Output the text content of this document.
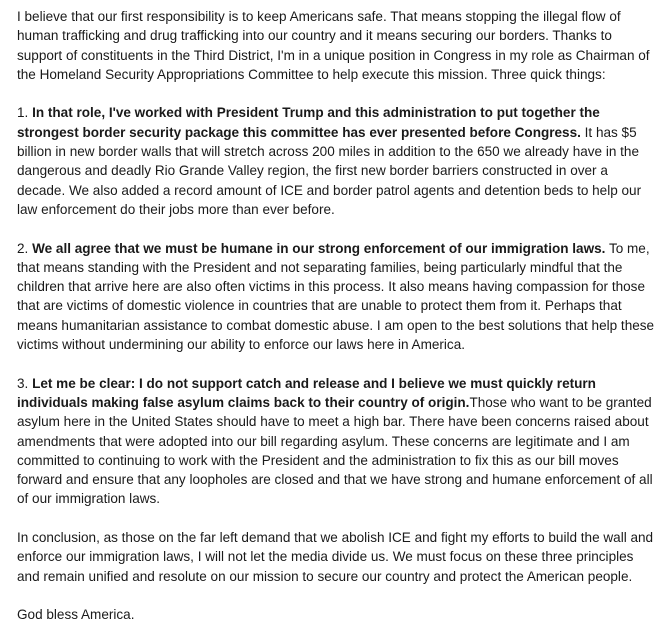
I believe that our first responsibility is to keep Americans safe. That means stopping the illegal flow of human trafficking and drug trafficking into our country and it means securing our borders. Thanks to support of constituents in the Third District, I'm in a unique position in Congress in my role as Chairman of the Homeland Security Appropriations Committee to help execute this mission. Three quick things:

1. In that role, I've worked with President Trump and this administration to put together the strongest border security package this committee has ever presented before Congress. It has $5 billion in new border walls that will stretch across 200 miles in addition to the 650 we already have in the dangerous and deadly Rio Grande Valley region, the first new border barriers constructed in over a decade. We also added a record amount of ICE and border patrol agents and detention beds to help our law enforcement do their jobs more than ever before.

2. We all agree that we must be humane in our strong enforcement of our immigration laws. To me, that means standing with the President and not separating families, being particularly mindful that the children that arrive here are also often victims in this process. It also means having compassion for those that are victims of domestic violence in countries that are unable to protect them from it. Perhaps that means humanitarian assistance to combat domestic abuse. I am open to the best solutions that help these victims without undermining our ability to enforce our laws here in America.

3. Let me be clear: I do not support catch and release and I believe we must quickly return individuals making false asylum claims back to their country of origin.Those who want to be granted asylum here in the United States should have to meet a high bar. There have been concerns raised about amendments that were adopted into our bill regarding asylum. These concerns are legitimate and I am committed to continuing to work with the President and the administration to fix this as our bill moves forward and ensure that any loopholes are closed and that we have strong and humane enforcement of all of our immigration laws.

In conclusion, as those on the far left demand that we abolish ICE and fight my efforts to build the wall and enforce our immigration laws, I will not let the media divide us. We must focus on these three principles and remain unified and resolute on our mission to secure our country and protect the American people.

God bless America.
